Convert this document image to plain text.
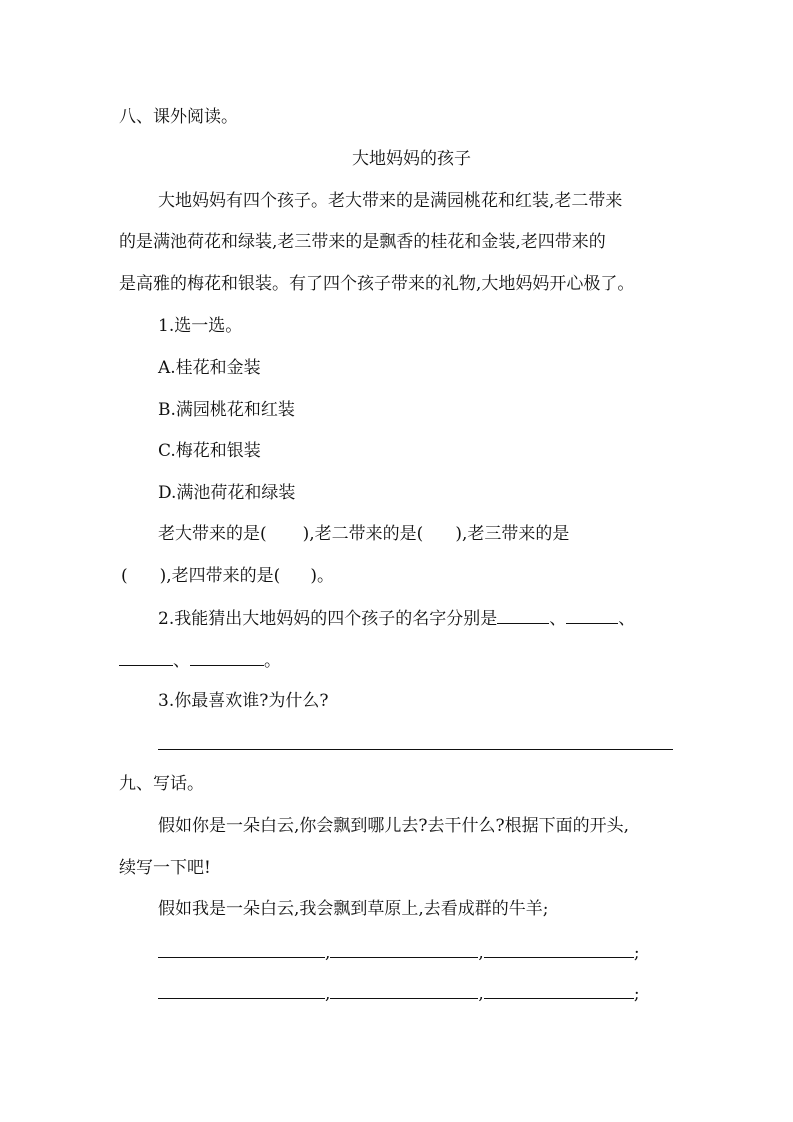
八、课外阅读。
大地妈妈的孩子
大地妈妈有四个孩子。老大带来的是满园桃花和红装,老二带来
的是满池荷花和绿装,老三带来的是飘香的桂花和金装,老四带来的
是高雅的梅花和银装。有了四个孩子带来的礼物,大地妈妈开心极了。
1.选一选。
A.桂花和金装
B.满园桃花和红装
C.梅花和银装
D.满池荷花和绿装
老大带来的是( ),老二带来的是( ),老三带来的是
( ),老四带来的是( )。
2.我能猜出大地妈妈的四个孩子的名字分别是	、	、
、	。
3.你最喜欢谁?为什么?
九、写话。
假如你是一朵白云,你会飘到哪儿去?去干什么?根据下面的开头,
续写一下吧!
假如我是一朵白云,我会飘到草原上,去看成群的牛羊;
,	,	;
,	,	;
